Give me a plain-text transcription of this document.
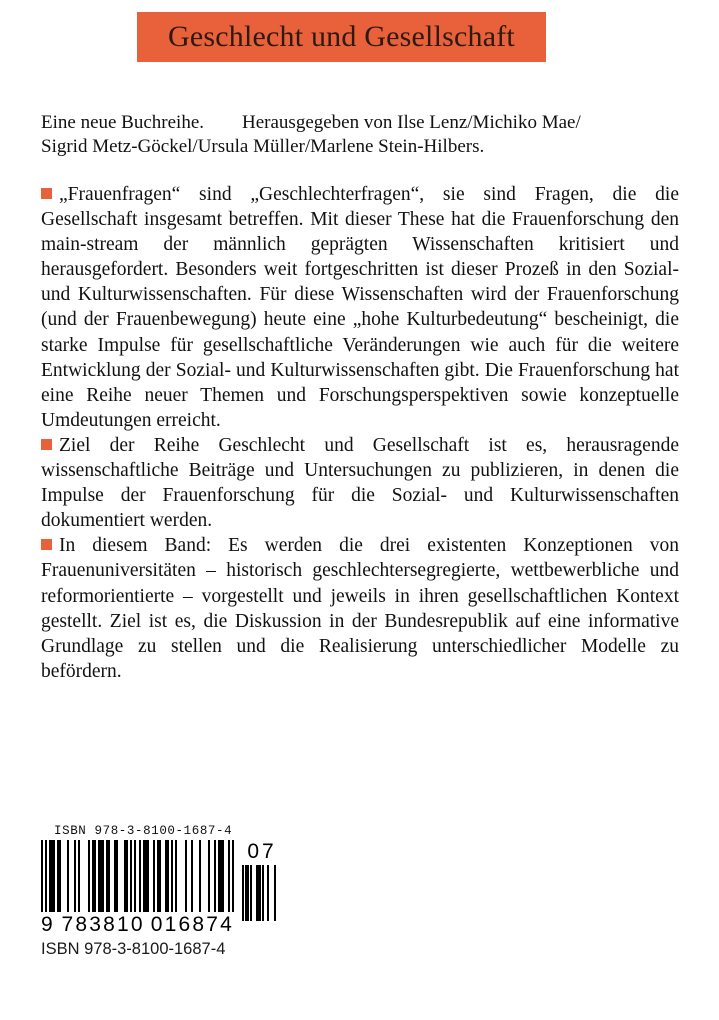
Geschlecht und Gesellschaft
Eine neue Buchreihe.        Herausgegeben von Ilse Lenz/Michiko Mae/
Sigrid Metz-Göckel/Ursula Müller/Marlene Stein-Hilbers.

„Frauenfragen“ sind „Geschlechterfragen“, sie sind Fragen, die die Gesellschaft insgesamt betreffen. Mit dieser These hat die Frauenforschung den main-stream der männlich geprägten Wissenschaften kritisiert und herausgefordert. Besonders weit fortgeschritten ist dieser Prozeß in den Sozial- und Kulturwissenschaften. Für diese Wissenschaften wird der Frauenforschung (und der Frauenbewegung) heute eine „hohe Kulturbedeutung“ bescheinigt, die starke Impulse für gesellschaftliche Veränderungen wie auch für die weitere Entwicklung der Sozial- und Kulturwissenschaften gibt. Die Frauenforschung hat eine Reihe neuer Themen und Forschungsperspektiven sowie konzeptuelle Umdeutungen erreicht.

Ziel der Reihe Geschlecht und Gesellschaft ist es, herausragende wissenschaftliche Beiträge und Untersuchungen zu publizieren, in denen die Impulse der Frauenforschung für die Sozial- und Kulturwissenschaften dokumentiert werden.

In diesem Band: Es werden die drei existenten Konzeptionen von Frauenuniversitäten – historisch geschlechtersegregierte, wettbewerbliche und reformorientierte – vorgestellt und jeweils in ihren gesellschaftlichen Kontext gestellt. Ziel ist es, die Diskussion in der Bundesrepublik auf eine informative Grundlage zu stellen und die Realisierung unterschiedlicher Modelle zu befördern.

ISBN 978-3-8100-1687-4
9 783810 016874
07
ISBN 978-3-8100-1687-4
